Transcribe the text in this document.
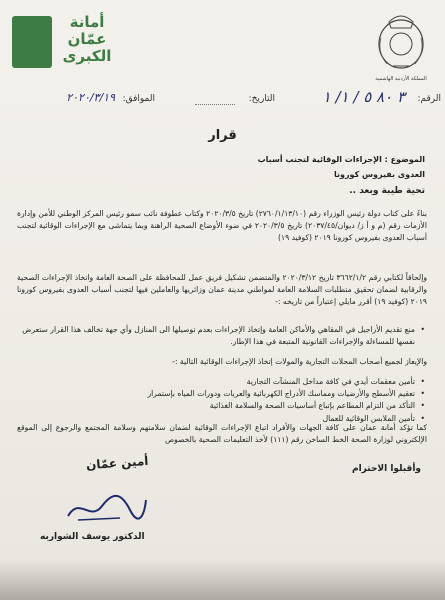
أمانة عمّان الكبرى
المملكة الأردنية الهاشمية
الرقم:
٣ ٨٠ ٥ / ١/ ١
التاريخ:
الموافق:
٢٠٢٠/٣/١٩
قرار
الموضوع : الإجراءات الوقائية لتجنب أسباب
العدوى بفيروس كورونا
تحية طيبة وبعد ..
بناءً على كتاب دولة رئيس الوزراء رقم (٢٧٦٠/١/١٣/١٠) تاريخ ٢٠٢٠/٣/٥ وكتاب عطوفة نائب سمو رئيس المركز الوطني للأمن وإدارة الأزمات رقم (م و أ ز/ ديوان/٢٠٣٧/٤٥) تاريخ ٢٠٢٠/٣/٥ في ضوء الأوضاع الصحية الراهنة وبما يتماشى مع الإجراءات الوقائية لتجنب أسباب العدوى بفيروس كورونا ٢٠١٩ (كوفيد ١٩)
وإلحاقاً لكتابي رقم ٣٦٦٢/١/٢ تاريخ ٢٠٢٠/٣/١٢ والمتضمن تشكيل فريق عمل للمحافظة على الصحة العامة واتخاذ الإجراءات الصحية والرقابية لضمان تحقيق متطلبات السلامة العامة لمواطني مدينة عمان وزائريها والعاملين فيها لتجنب أسباب العدوى بفيروس كورونا ٢٠١٩ (كوفيد ١٩) أقرر مايلي إعتباراً من تاريخه :-
• منع تقديم الأراجيل في المقاهي والأماكن العامة وإتخاذ الإجراءات بعدم توصيلها الى المنازل وأي جهة تخالف هذا القرار ستعرض نفسها للمساءلة والإجراءات القانونية المتبعة في هذا الإطار.
والإيعاز لجميع أصحاب المحلات التجارية والمولات إتخاذ الإجراءات الوقائية التالية :-
• تأمين معقمات أيدي في كافة مداخل المنشآت التجارية
• تعقيم الأسطح والأرضيات ومماسك الأدراج الكهربائية والعربات ودورات المياه بإستمرار
• التأكد من التزام المطاعم بإتباع أساسيات الصحة والسلامة الغذائية
• تأمين الملابس الوقائية للعمال
كما تؤكد أمانة عمان على كافة الجهات والأفراد اتباع الإجراءات الوقائية لضمان سلامتهم وسلامة المجتمع والرجوع إلى الموقع الإلكتروني لوزارة الصحة الخط الساخن رقم (١١١) لأخذ التعليمات الصحية بالخصوص
وأقبلوا الاحترام
أمين عمّان
الدكتور يوسف الشواربه
